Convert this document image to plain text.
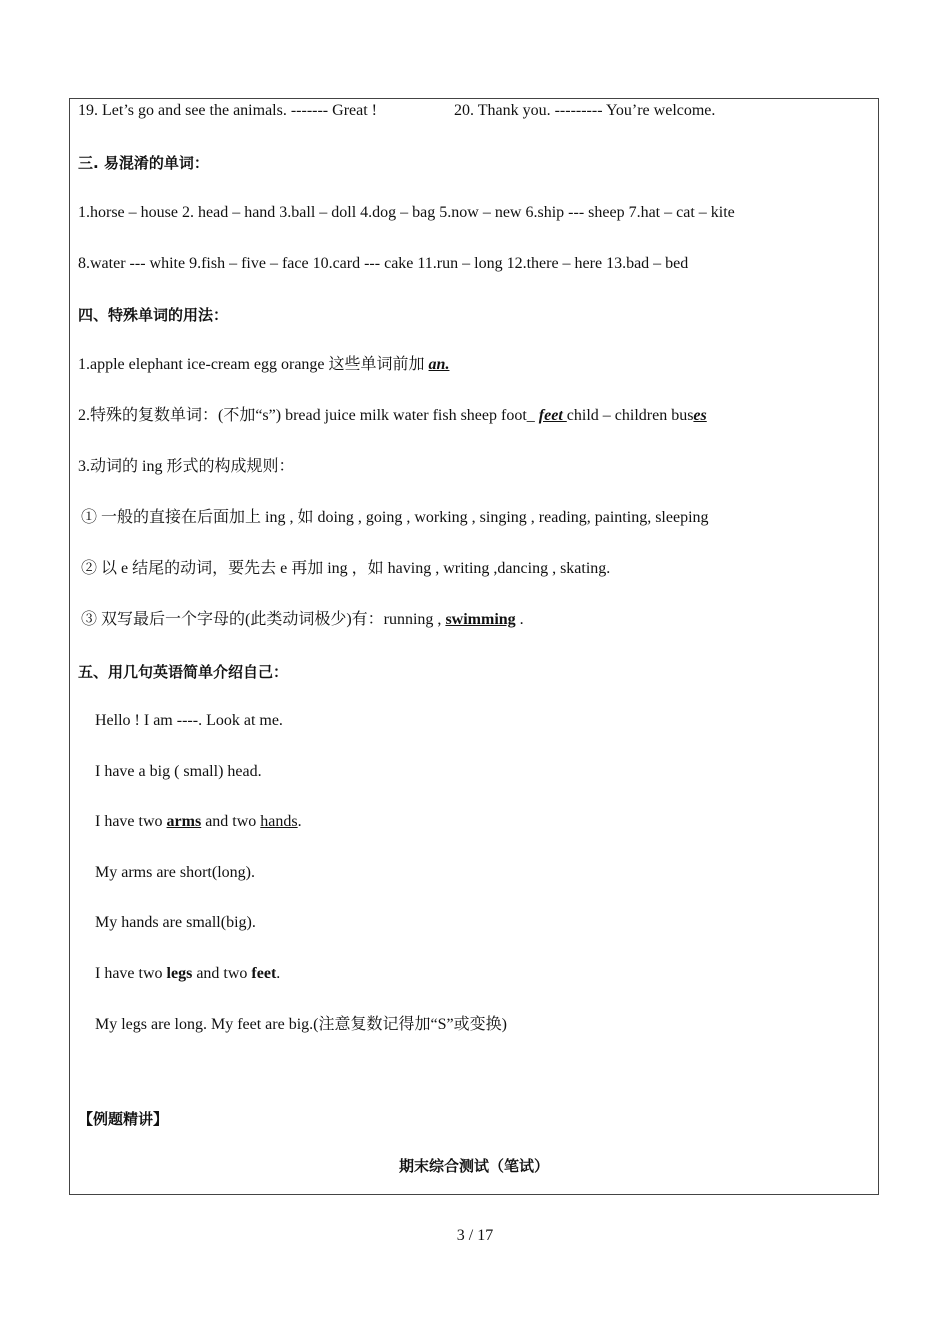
19. Let’s go and see the animals. ------- Great !	20. Thank you. --------- You’re welcome.
三. 易混淆的单词：
1.horse – house 2. head – hand 3.ball – doll 4.dog – bag 5.now – new 6.ship --- sheep 7.hat – cat – kite
8.water --- white 9.fish – five – face 10.card --- cake 11.run – long 12.there – here 13.bad – bed
四、特殊单词的用法：
1.apple elephant ice-cream egg orange 这些单词前加 an.
2.特殊的复数单词：(不加“s”) bread juice milk water fish sheep foot_ feet child – children buses
3.动词的 ing 形式的构成规则：
① 一般的直接在后面加上 ing , 如 doing , going , working , singing , reading, painting, sleeping
② 以 e 结尾的动词，要先去 e 再加 ing ，如 having , writing ,dancing , skating.
③ 双写最后一个字母的(此类动词极少)有：running , swimming .
五、用几句英语简单介绍自己：
Hello ! I am ----. Look at me.
I have a big ( small) head.
I have two arms and two hands.
My arms are short(long).
My hands are small(big).
I have two legs and two feet.
My legs are long. My feet are big.(注意复数记得加“S”或变换)
【例题精讲】
期末综合测试（笔试）
3 / 17
